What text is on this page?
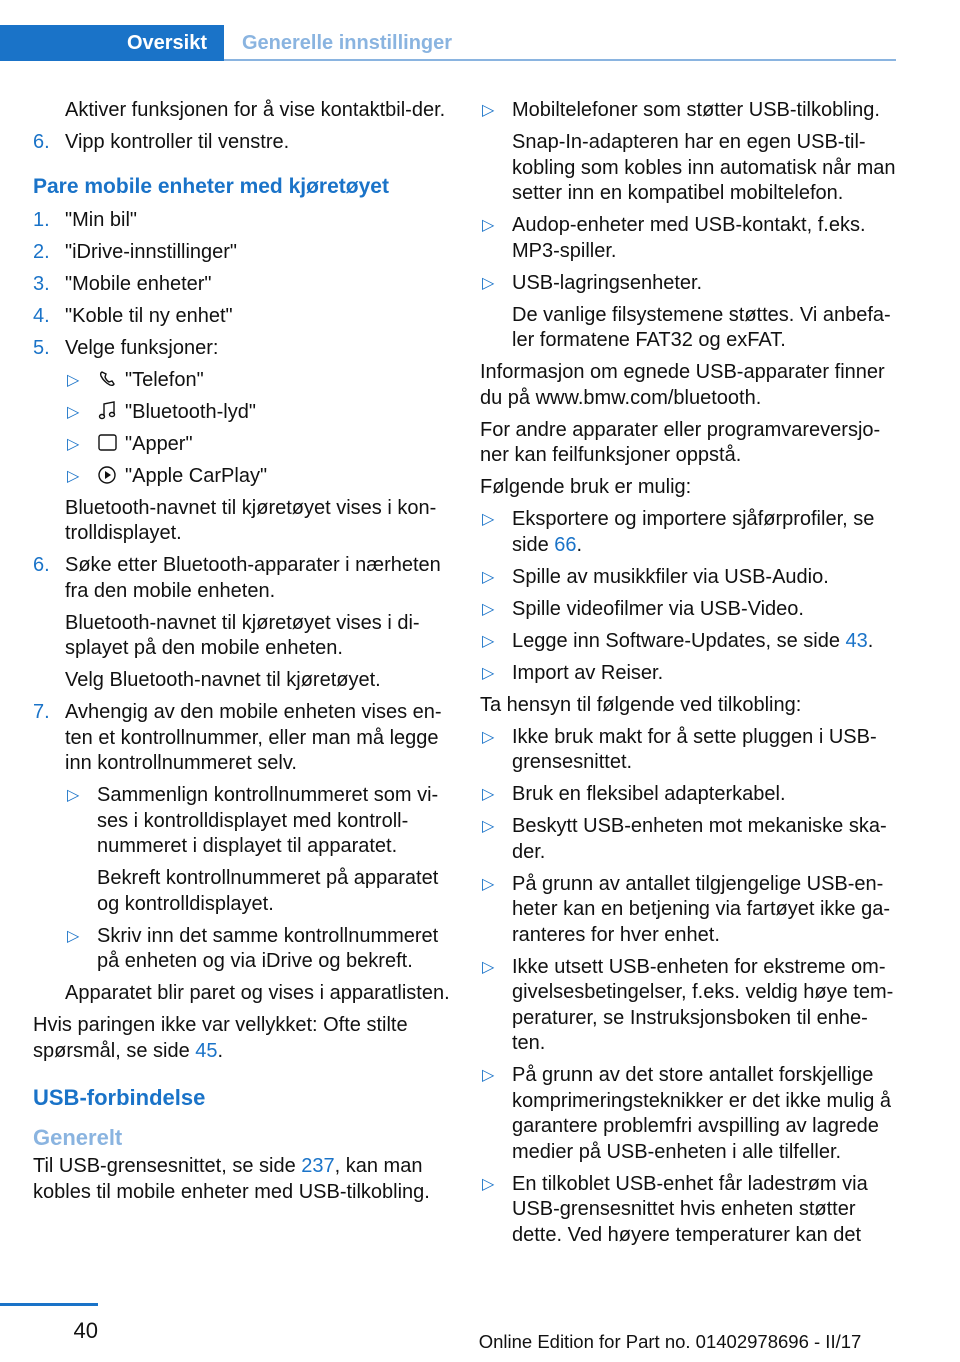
Oversikt	Generelle innstillinger

Aktiver funksjonen for å vise kontaktbil-der.

6. Vipp kontroller til venstre.
Pare mobile enheter med kjøretøyet
1. "Min bil"
2. "iDrive-innstillinger"
3. "Mobile enheter"
4. "Koble til ny enhet"
5. Velge funksjoner:
▷ "Telefon"
▷ "Bluetooth-lyd"
▷ "Apper"
▷ "Apple CarPlay"

Bluetooth-navnet til kjøretøyet vises i kon-trolldisplayet.

6. Søke etter Bluetooth-apparater i nærheten fra den mobile enheten.

Bluetooth-navnet til kjøretøyet vises i di-splayet på den mobile enheten.

Velg Bluetooth-navnet til kjøretøyet.

7. Avhengig av den mobile enheten vises en-ten et kontrollnummer, eller man må legge inn kontrollnummeret selv.
▷ Sammenlign kontrollnummeret som vi-ses i kontrolldisplayet med kontroll-nummeret i displayet til apparatet.

Bekreft kontrollnummeret på apparatet og kontrolldisplayet.

▷ Skriv inn det samme kontrollnummeret på enheten og via iDrive og bekreft.

Apparatet blir paret og vises i apparatlisten.

Hvis paringen ikke var vellykket: Ofte stilte spørsmål, se side 45.

USB-forbindelse
Generelt

Til USB-grensesnittet, se side 237, kan man kobles til mobile enheter med USB-tilkobling.

▷ Mobiltelefoner som støtter USB-tilkobling.

Snap-In-adapteren har en egen USB-til-kobling som kobles inn automatisk når man setter inn en kompatibel mobiltelefon.

▷ Audop-enheter med USB-kontakt, f.eks. MP3-spiller.
▷ USB-lagringsenheter.

De vanlige filsystemene støttes. Vi anbefa-ler formatene FAT32 og exFAT.

Informasjon om egnede USB-apparater finner du på www.bmw.com/bluetooth.

For andre apparater eller programvareversjo-ner kan feilfunksjoner oppstå.

Følgende bruk er mulig:

▷ Eksportere og importere sjåførprofiler, se side 66.
▷ Spille av musikkfiler via USB-Audio.
▷ Spille videofilmer via USB-Video.
▷ Legge inn Software-Updates, se side 43.
▷ Import av Reiser.

Ta hensyn til følgende ved tilkobling:

▷ Ikke bruk makt for å sette pluggen i USB-grensesnittet.
▷ Bruk en fleksibel adapterkabel.
▷ Beskytt USB-enheten mot mekaniske ska-der.
▷ På grunn av antallet tilgjengelige USB-en-heter kan en betjening via fartøyet ikke ga-ranteres for hver enhet.
▷ Ikke utsett USB-enheten for ekstreme om-givelsesbetingelser, f.eks. veldig høye tem-peraturer, se Instruksjonsboken til enhe-ten.
▷ På grunn av det store antallet forskjellige komprimeringsteknikker er det ikke mulig å garantere problemfri avspilling av lagrede medier på USB-enheten i alle tilfeller.
▷ En tilkoblet USB-enhet får ladestrøm via USB-grensesnittet hvis enheten støtter dette. Ved høyere temperaturer kan det
40	Online Edition for Part no. 01402978696 - II/17
